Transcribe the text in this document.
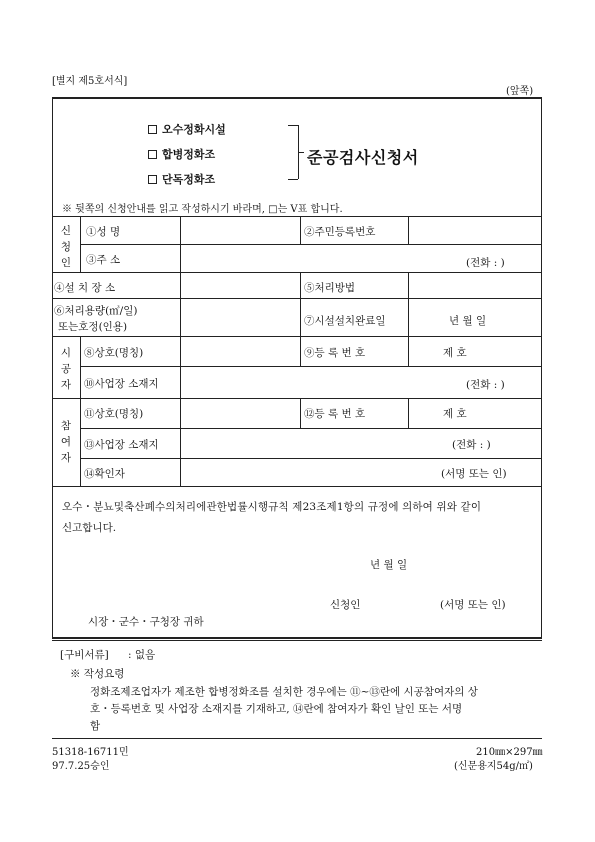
[별지 제5호서식]
(앞쪽)
오수정화시설
합병정화조
단독정화조
준공검사신청서
※ 뒷쪽의 신청안내를 읽고 작성하시기 바라며, □는 V표 합니다.
신
청
인
①성 명	②주민등록번호
③주 소	(전화 : )
④설 치 장 소	⑤처리방법
⑥처리용량(㎥/일)
또는호정(인용)	⑦시설설치완료일	년 월 일
시
공
자
⑧상호(명칭)	⑨등 록 번 호	제 호
⑩사업장 소재지	(전화 : )
참
여
자
⑪상호(명칭)	⑫등 록 번 호	제 호
⑬사업장 소재지	(전화 : )
⑭확인자	(서명 또는 인)
오수・분뇨및축산폐수의처리에관한법률시행규칙 제23조제1항의 규정에 의하여 위와 같이
신고합니다.
년 월 일
신청인	(서명 또는 인)
시장・군수・구청장 귀하
[구비서류] : 없음
※ 작성요령
정화조제조업자가 제조한 합병정화조를 설치한 경우에는 ⑪~⑬란에 시공참여자의 상
호・등록번호 및 사업장 소재지를 기재하고, ⑭란에 참여자가 확인 날인 또는 서명
함
51318-16711민
97.7.25승인
210㎜×297㎜
(신문용지54g/㎡)
